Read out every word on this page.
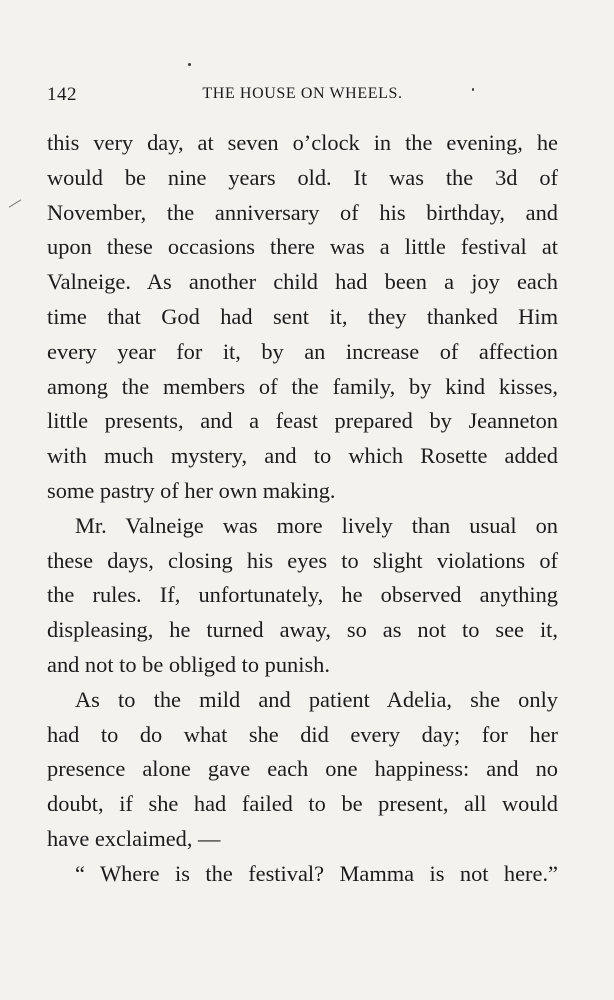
142	THE HOUSE ON WHEELS.

this very day, at seven o’clock in the evening, he
would be nine years old. It was the 3d of
November, the anniversary of his birthday, and
upon these occasions there was a little festival at
Valneige. As another child had been a joy each
time that God had sent it, they thanked Him
every year for it, by an increase of affection
among the members of the family, by kind kisses,
little presents, and a feast prepared by Jeanneton
with much mystery, and to which Rosette added
some pastry of her own making.

Mr. Valneige was more lively than usual on
these days, closing his eyes to slight violations of
the rules. If, unfortunately, he observed anything
displeasing, he turned away, so as not to see it,
and not to be obliged to punish.

As to the mild and patient Adelia, she only
had to do what she did every day; for her
presence alone gave each one happiness: and no
doubt, if she had failed to be present, all would
have exclaimed, —

“ Where is the festival? Mamma is not here.”
